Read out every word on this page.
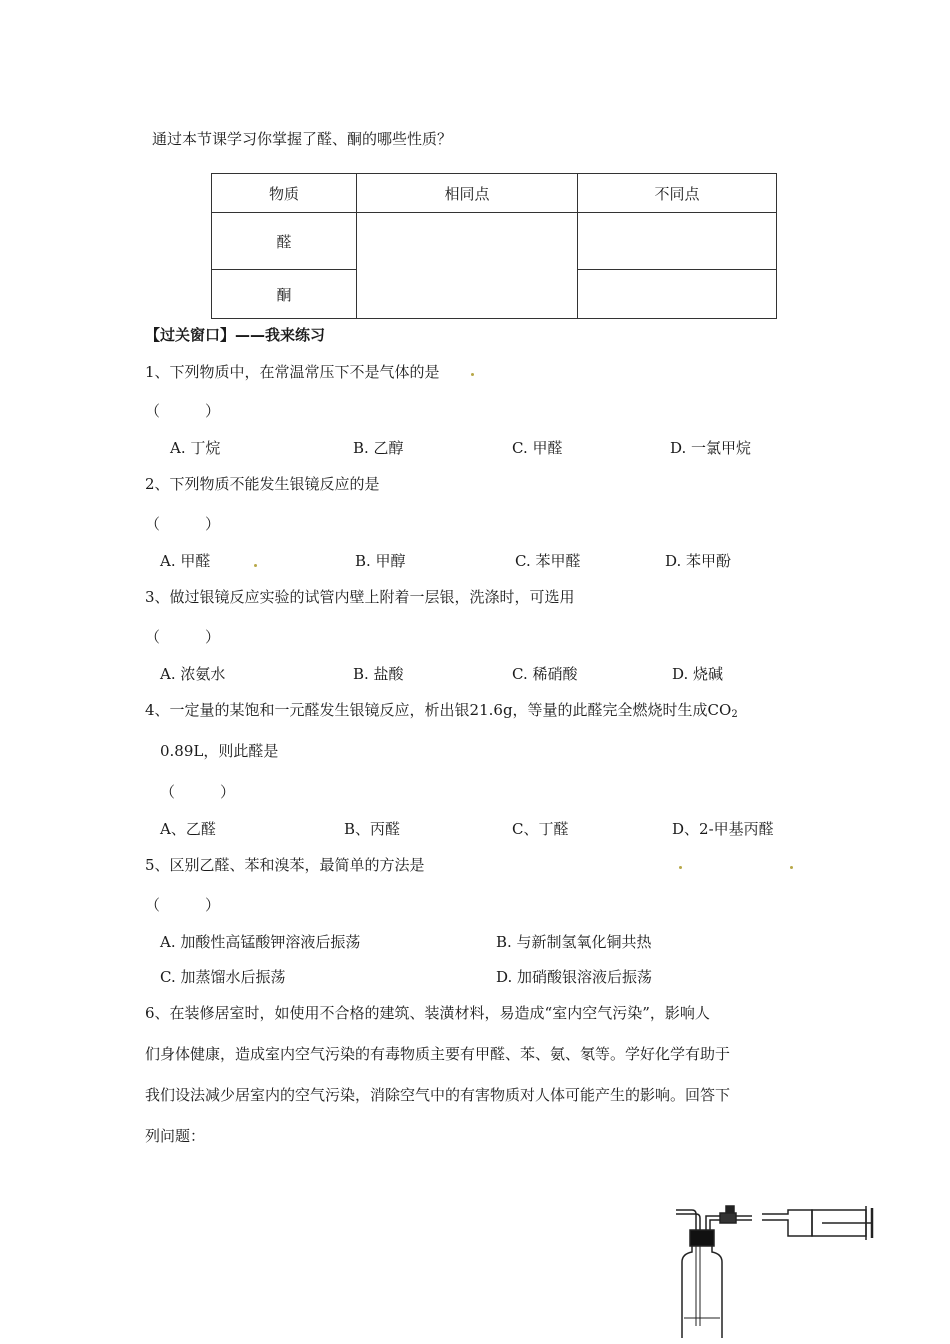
通过本节课学习你掌握了醛、酮的哪些性质？
物质	相同点	不同点
醛		
酮		
【过关窗口】——我来练习
1、下列物质中，在常温常压下不是气体的是
（　　　）
A. 丁烷	B. 乙醇	C. 甲醛	D. 一氯甲烷
2、下列物质不能发生银镜反应的是
（　　　）
A. 甲醛	B. 甲醇	C. 苯甲醛	D. 苯甲酚
3、做过银镜反应实验的试管内壁上附着一层银，洗涤时，可选用
（　　　）
A. 浓氨水	B. 盐酸	C. 稀硝酸	D. 烧碱
4、一定量的某饱和一元醛发生银镜反应，析出银21.6g，等量的此醛完全燃烧时生成$CO_2$
0.89L，则此醛是
（　　　）
A、乙醛	B、丙醛	C、丁醛	D、2-甲基丙醛
5、区别乙醛、苯和溴苯，最简单的方法是
（　　　）
A. 加酸性高锰酸钾溶液后振荡	B. 与新制氢氧化铜共热
C. 加蒸馏水后振荡	D. 加硝酸银溶液后振荡
6、在装修居室时，如使用不合格的建筑、装潢材料，易造成“室内空气污染”，影响人
们身体健康，造成室内空气污染的有毒物质主要有甲醛、苯、氨、氡等。学好化学有助于
我们设法减少居室内的空气污染，消除空气中的有害物质对人体可能产生的影响。回答下
列问题：
